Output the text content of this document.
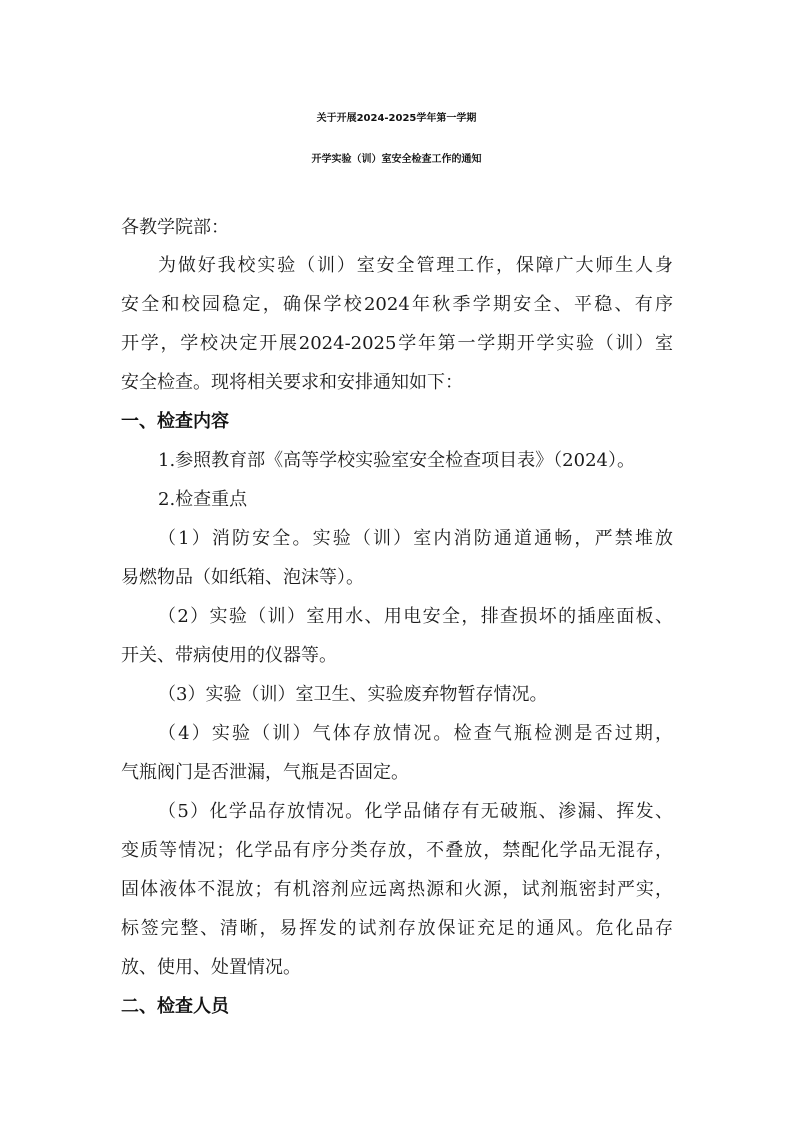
关于开展2024-2025学年第一学期
开学实验（训）室安全检查工作的通知
各教学院部：
为做好我校实验（训）室安全管理工作，保障广大师生人身
安全和校园稳定，确保学校2024年秋季学期安全、平稳、有序
开学，学校决定开展2024-2025学年第一学期开学实验（训）室
安全检查。现将相关要求和安排通知如下：
一、检查内容
1.参照教育部《高等学校实验室安全检查项目表》（2024）。
2.检查重点
（1）消防安全。实验（训）室内消防通道通畅，严禁堆放
易燃物品（如纸箱、泡沫等）。
（2）实验（训）室用水、用电安全，排查损坏的插座面板、
开关、带病使用的仪器等。
（3）实验（训）室卫生、实验废弃物暂存情况。
（4）实验（训）气体存放情况。检查气瓶检测是否过期，
气瓶阀门是否泄漏，气瓶是否固定。
（5）化学品存放情况。化学品储存有无破瓶、渗漏、挥发、
变质等情况；化学品有序分类存放，不叠放，禁配化学品无混存，
固体液体不混放；有机溶剂应远离热源和火源，试剂瓶密封严实，
标签完整、清晰，易挥发的试剂存放保证充足的通风。危化品存
放、使用、处置情况。
二、检查人员
